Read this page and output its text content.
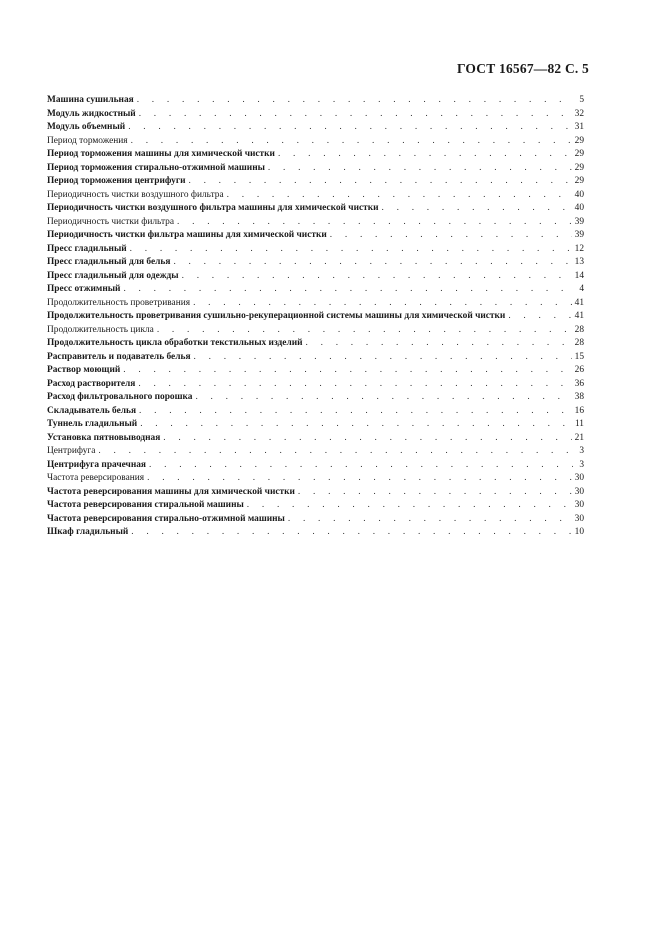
ГОСТ 16567—82 С. 5
Машина сушильная . . .	5
Модуль жидкостный . . .	32
Модуль объемный . . .	31
Период торможения . . .	29
Период торможения машины для химической чистки . . .	29
Период торможения стирально-отжимной машины . . .	29
Период торможения центрифуги . . .	29
Периодичность чистки воздушного фильтра . . .	40
Периодичность чистки воздушного фильтра машины для химической чистки . . .	40
Периодичность чистки фильтра . . .	39
Периодичность чистки фильтра машины для химической чистки . . .	39
Пресс гладильный . . .	12
Пресс гладильный для белья . . .	13
Пресс гладильный для одежды . . .	14
Пресс отжимный . . .	4
Продолжительность проветривания . . .	41
Продолжительность проветривания сушильно-рекуперационной системы машины для химической чистки . . .	41
Продолжительность цикла . . .	28
Продолжительность цикла обработки текстильных изделий . . .	28
Расправитель и подаватель белья . . .	15
Раствор моющий . . .	26
Расход растворителя . . .	36
Расход фильтровального порошка . . .	38
Складыватель белья . . .	16
Туннель гладильный . . .	11
Установка пятновыводная . . .	21
Центрифуга . . .	3
Центрифуга прачечная . . .	3
Частота реверсирования . . .	30
Частота реверсирования машины для химической чистки . . .	30
Частота реверсирования стиральной машины . . .	30
Частота реверсирования стирально-отжимной машины . . .	30
Шкаф гладильный . . .	10
